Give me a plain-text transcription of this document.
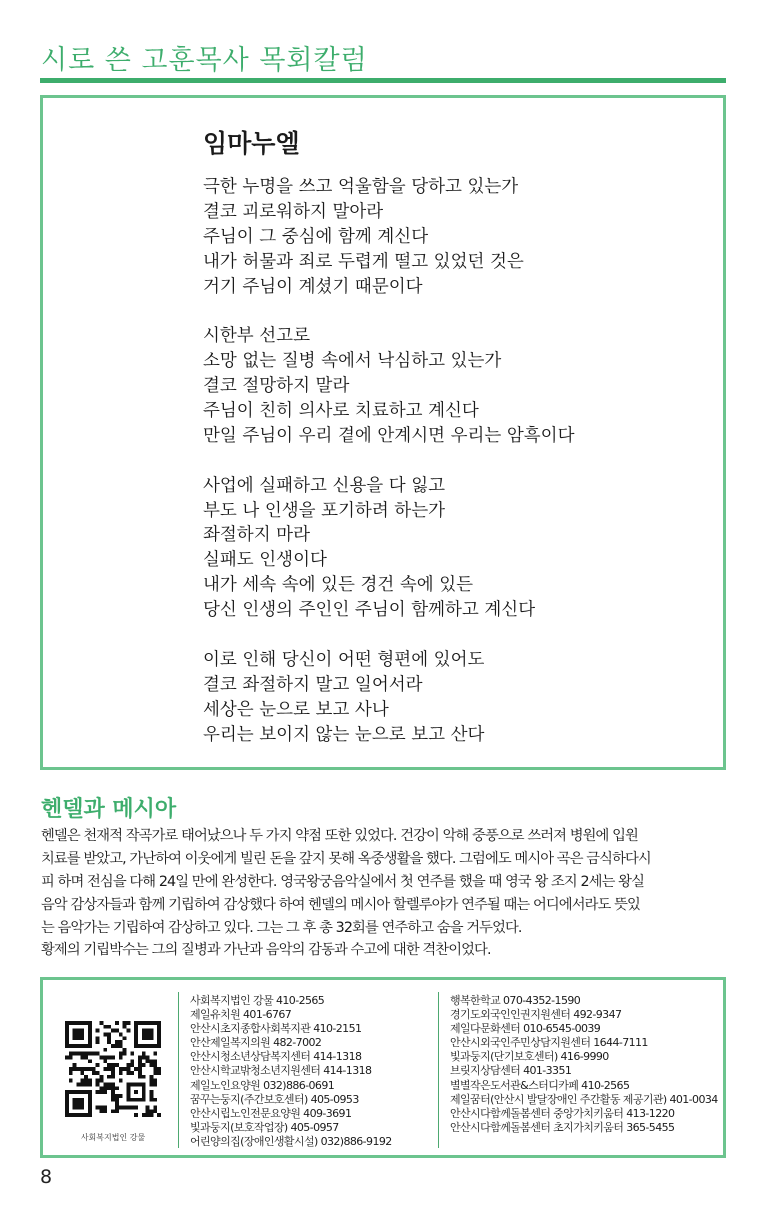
시로 쓴 고훈목사 목회칼럼
임마누엘
극한 누명을 쓰고 억울함을 당하고 있는가
결코 괴로워하지 말아라
주님이 그 중심에 함께 계신다
내가 허물과 죄로 두렵게 떨고 있었던 것은
거기 주님이 계셨기 때문이다
시한부 선고로
소망 없는 질병 속에서 낙심하고 있는가
결코 절망하지 말라
주님이 친히 의사로 치료하고 계신다
만일 주님이 우리 곁에 안계시면 우리는 암흑이다
사업에 실패하고 신용을 다 잃고
부도 나 인생을 포기하려 하는가
좌절하지 마라
실패도 인생이다
내가 세속 속에 있든 경건 속에 있든
당신 인생의 주인인 주님이 함께하고 계신다
이로 인해 당신이 어떤 형편에 있어도
결코 좌절하지 말고 일어서라
세상은 눈으로 보고 사나
우리는 보이지 않는 눈으로 보고 산다
헨델과 메시아
헨델은 천재적 작곡가로 태어났으나 두 가지 약점 또한 있었다. 건강이 악해 중풍으로 쓰러져 병원에 입원
치료를 받았고, 가난하여 이웃에게 빌린 돈을 갚지 못해 옥중생활을 했다. 그럼에도 메시아 곡은 금식하다시
피 하며 전심을 다해 24일 만에 완성한다. 영국왕궁음악실에서 첫 연주를 했을 때 영국 왕 조지 2세는 왕실
음악 감상자들과 함께 기립하여 감상했다 하여 헨델의 메시아 할렐루야가 연주될 때는 어디에서라도 뜻있
는 음악가는 기립하여 감상하고 있다. 그는 그 후 총 32회를 연주하고 숨을 거두었다.
황제의 기립박수는 그의 질병과 가난과 음악의 감동과 수고에 대한 격찬이었다.
사회복지법인 강물
사회복지법인 강물 410-2565
제일유치원 401-6767
안산시초지종합사회복지관 410-2151
안산제일복지의원 482-7002
안산시청소년상담복지센터 414-1318
안산시학교밖청소년지원센터 414-1318
제일노인요양원 032)886-0691
꿈꾸는둥지(주간보호센터) 405-0953
안산시립노인전문요양원 409-3691
빛과둥지(보호작업장) 405-0957
어린양의집(장애인생활시설) 032)886-9192
행복한학교 070-4352-1590
경기도외국인인권지원센터 492-9347
제일다문화센터 010-6545-0039
안산시외국인주민상담지원센터 1644-7111
빛과둥지(단기보호센터) 416-9990
브릿지상담센터 401-3351
별별작은도서관&스터디카페 410-2565
제일꿈터(안산시 발달장애인 주간활동 제공기관) 401-0034
안산시다함께돌봄센터 중앙가치키움터 413-1220
안산시다함께돌봄센터 초지가치키움터 365-5455
8
